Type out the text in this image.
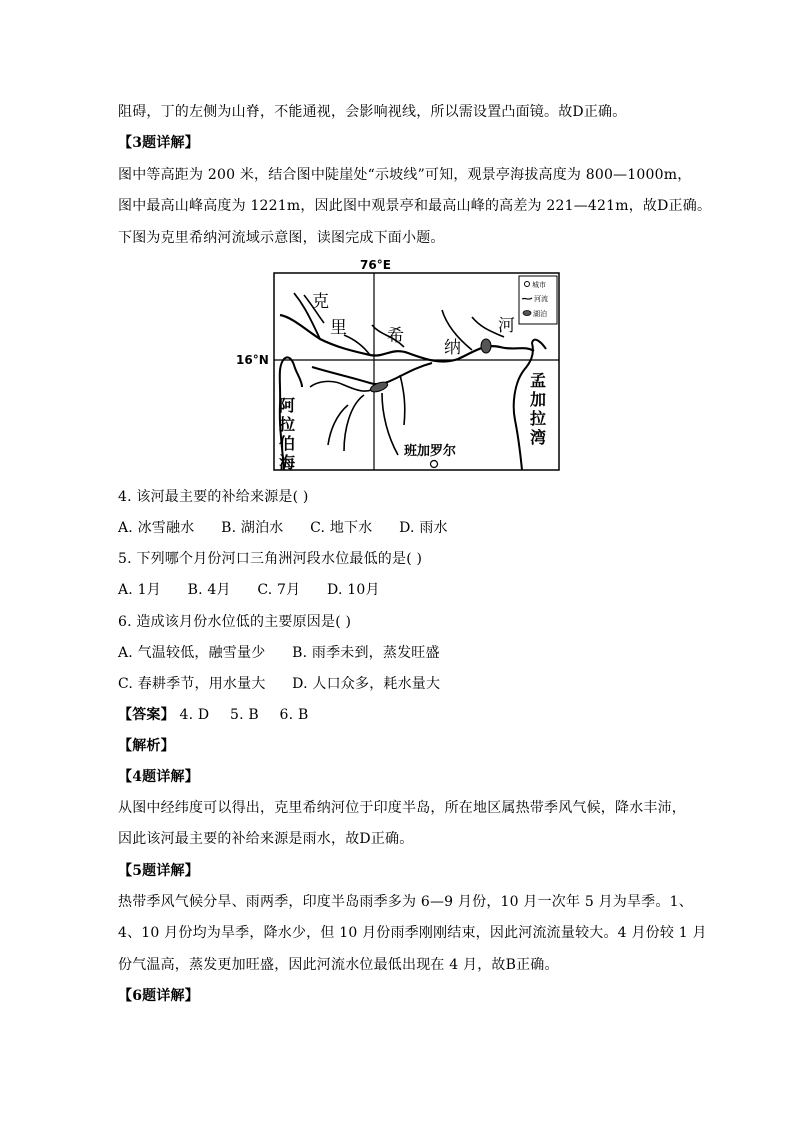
阻碍，丁的左侧为山脊，不能通视，会影响视线，所以需设置凸面镜。故D正确。
【3题详解】
图中等高距为 200 米，结合图中陡崖处“示坡线”可知，观景亭海拔高度为 800—1000m，
图中最高山峰高度为 1221m，因此图中观景亭和最高山峰的高差为 221—421m，故D正确。
下图为克里希纳河流域示意图，读图完成下面小题。
克
里 希
纳
河
阿
拉
伯
海
孟
加
拉
湾
班加罗尔
76°E
16°N
城市
河流
湖泊
4. 该河最主要的补给来源是( )
A. 冰雪融水 B. 湖泊水 C. 地下水 D. 雨水
5. 下列哪个月份河口三角洲河段水位最低的是( )
A. 1月 B. 4月 C. 7月 D. 10月
6. 造成该月份水位低的主要原因是( )
A. 气温较低，融雪量少 B. 雨季未到，蒸发旺盛
C. 春耕季节，用水量大 D. 人口众多，耗水量大
【答案】 4. D 5. B 6. B
【解析】
【4题详解】
从图中经纬度可以得出，克里希纳河位于印度半岛，所在地区属热带季风气候，降水丰沛，
因此该河最主要的补给来源是雨水，故D正确。
【5题详解】
热带季风气候分旱、雨两季，印度半岛雨季多为 6—9 月份，10 月一次年 5 月为旱季。1、
4、10 月份均为旱季，降水少，但 10 月份雨季刚刚结束，因此河流流量较大。4 月份较 1 月
份气温高，蒸发更加旺盛，因此河流水位最低出现在 4 月，故B正确。
【6题详解】
